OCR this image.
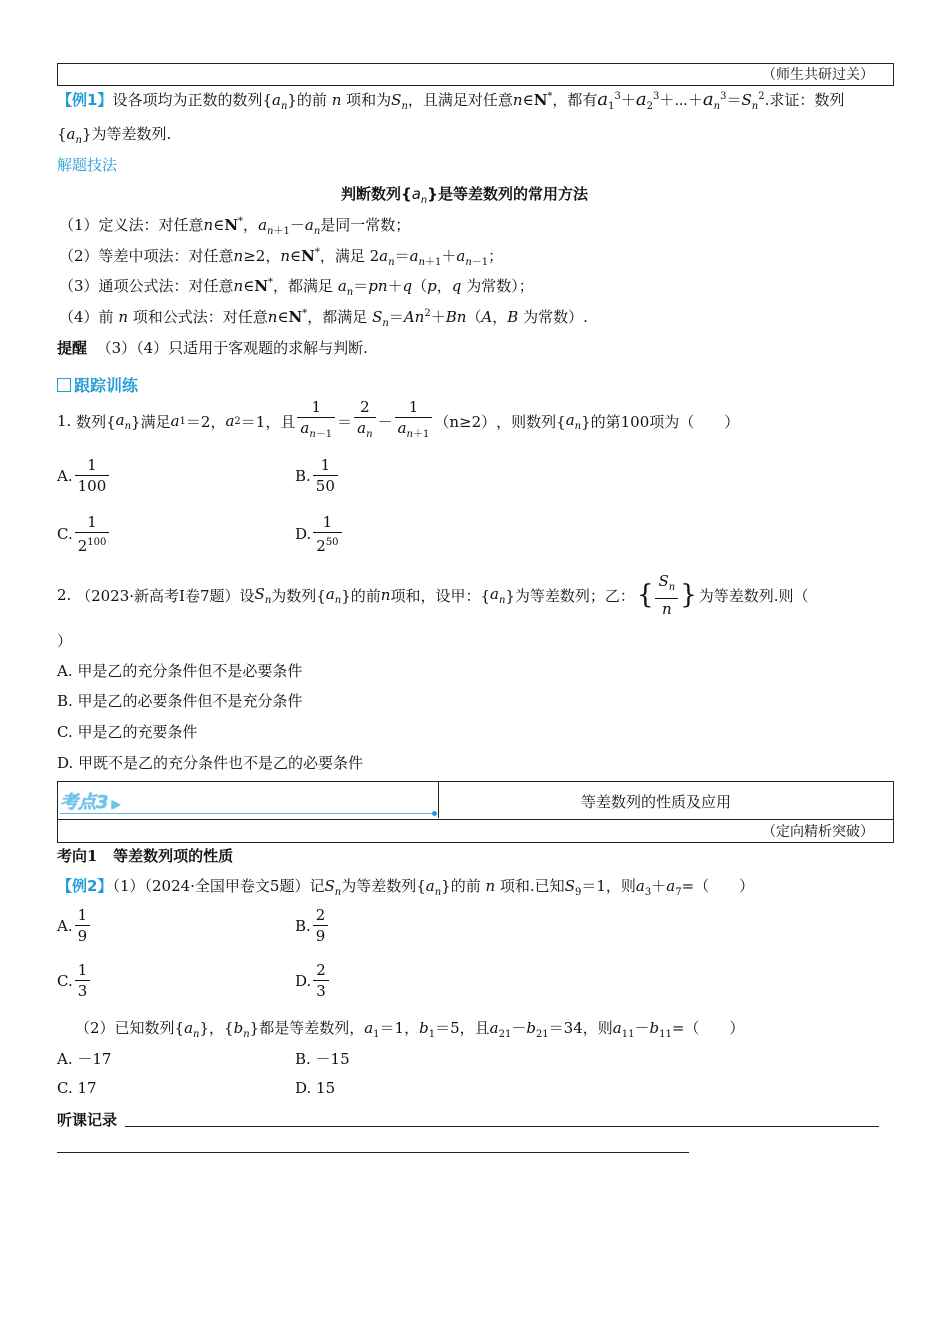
（师生共研过关）
【例1】设各项均为正数的数列$\{a_n\}$的前 n 项和为$S_n$，且满足对任意n∈N*，都有$a_1^3+a_2^3+\cdots+a_n^3=S_n^2$.求证：数列
$\{a_n\}$为等差数列.
解题技法
判断数列$\{a_n\}$是等差数列的常用方法
（1）定义法：对任意n∈N*，$a_{n+1}-a_n$是同一常数；
（2）等差中项法：对任意n≥2，n∈N*，满足 $2a_n=a_{n+1}+a_{n-1}$；
（3）通项公式法：对任意n∈N*，都满足 $a_n=pn+q(p$，q 为常数）；
（4）前 n 项和公式法：对任意n∈N*，都满足 $S_n=An^2+Bn(A$，B 为常数）.
提醒 （3）（4）只适用于客观题的求解与判断.
跟踪训练
1.
数列{ $a_n$ }满足 a 1 ＝2， a 2 ＝1 ，且 $\frac{1}{a_{n-1}} = \frac{2}{a_n} - \frac{1}{a_{n+1}} (n\ge 2)$ ，则数列{ $a_n$ }的第100项为（　　）
A. $\frac{1}{100}$	B. $\frac{1}{50}$
C. $\frac{1}{2^{100}}$	D. $\frac{1}{2^{50}}$
2.
（2023·新高考Ⅰ卷7题） 设 $S_n$ 为数列{ $a_n$ }的前 n 项和，设甲：{ $a_n$ }为等差数列；乙： { $\frac{S_n}{n}$ } 为等差数列.则（
）
A. 甲是乙的充分条件但不是必要条件
B. 甲是乙的必要条件但不是充分条件
C. 甲是乙的充要条件
D. 甲既不是乙的充分条件也不是乙的必要条件
考点3 ▶	等差数列的性质及应用
（定向精析突破）
考向1 等差数列项的性质
【例2】（1）（2024·全国甲卷文5题）记$S_n$为等差数列$\{a_n\}$的前 n 项和.已知$S_9=1$，则$a_3+a_7=$（　　）
A. $\frac{1}{9}$	B. $\frac{2}{9}$
C. $\frac{1}{3}$	D. $\frac{2}{3}$
（2）已知数列$\{a_n\}$，$\{b_n\}$都是等差数列，$a_1=1$，$b_1=5$，且$a_{21}-b_{21}=34$，则$a_{11}-b_{11}=$（　　）
A. －17	B. －15
C. 17	D. 15
听课记录
